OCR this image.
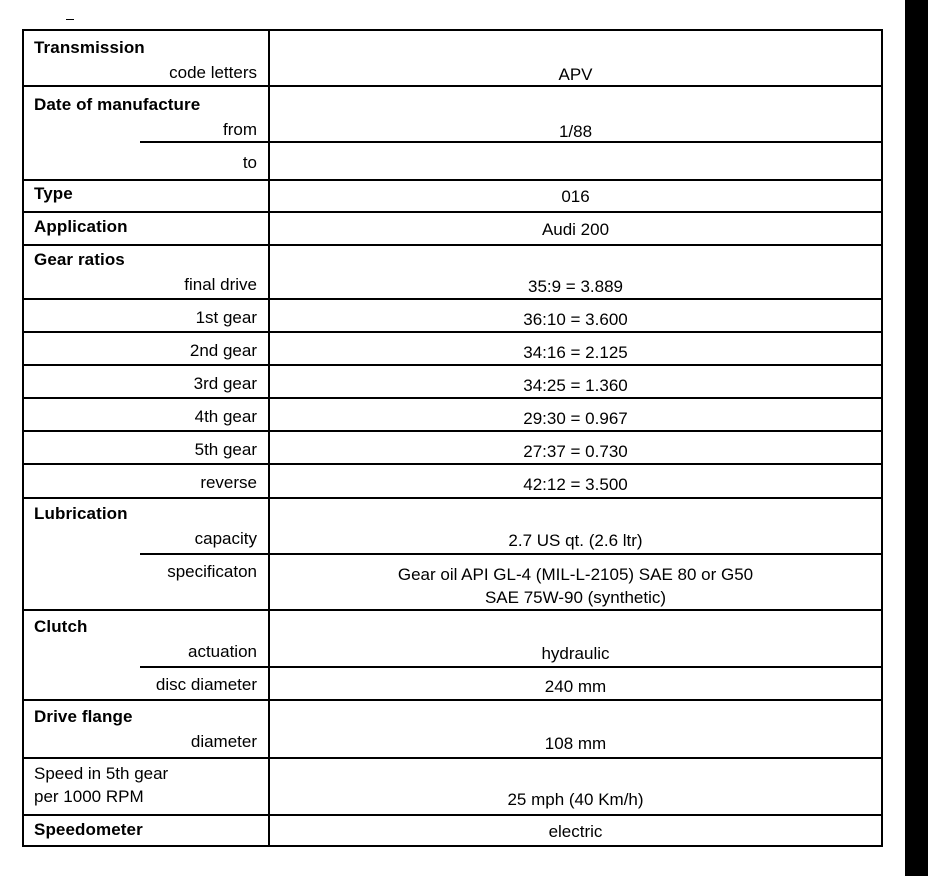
Transmission
code letters	APV
Date of manufacture
from	1/88
to
Type	016
Application	Audi 200
Gear ratios
final drive	35:9 = 3.889
1st gear	36:10 = 3.600
2nd gear	34:16 = 2.125
3rd gear	34:25 = 1.360
4th gear	29:30 = 0.967
5th gear	27:37 = 0.730
reverse	42:12 = 3.500
Lubrication
capacity	2.7 US qt. (2.6 ltr)
specificaton	Gear oil API GL-4 (MIL-L-2105) SAE 80 or G50
SAE 75W-90 (synthetic)
Clutch
actuation	hydraulic
disc diameter	240 mm
Drive flange
diameter	108 mm
Speed in 5th gear
per 1000 RPM	25 mph (40 Km/h)
Speedometer	electric
